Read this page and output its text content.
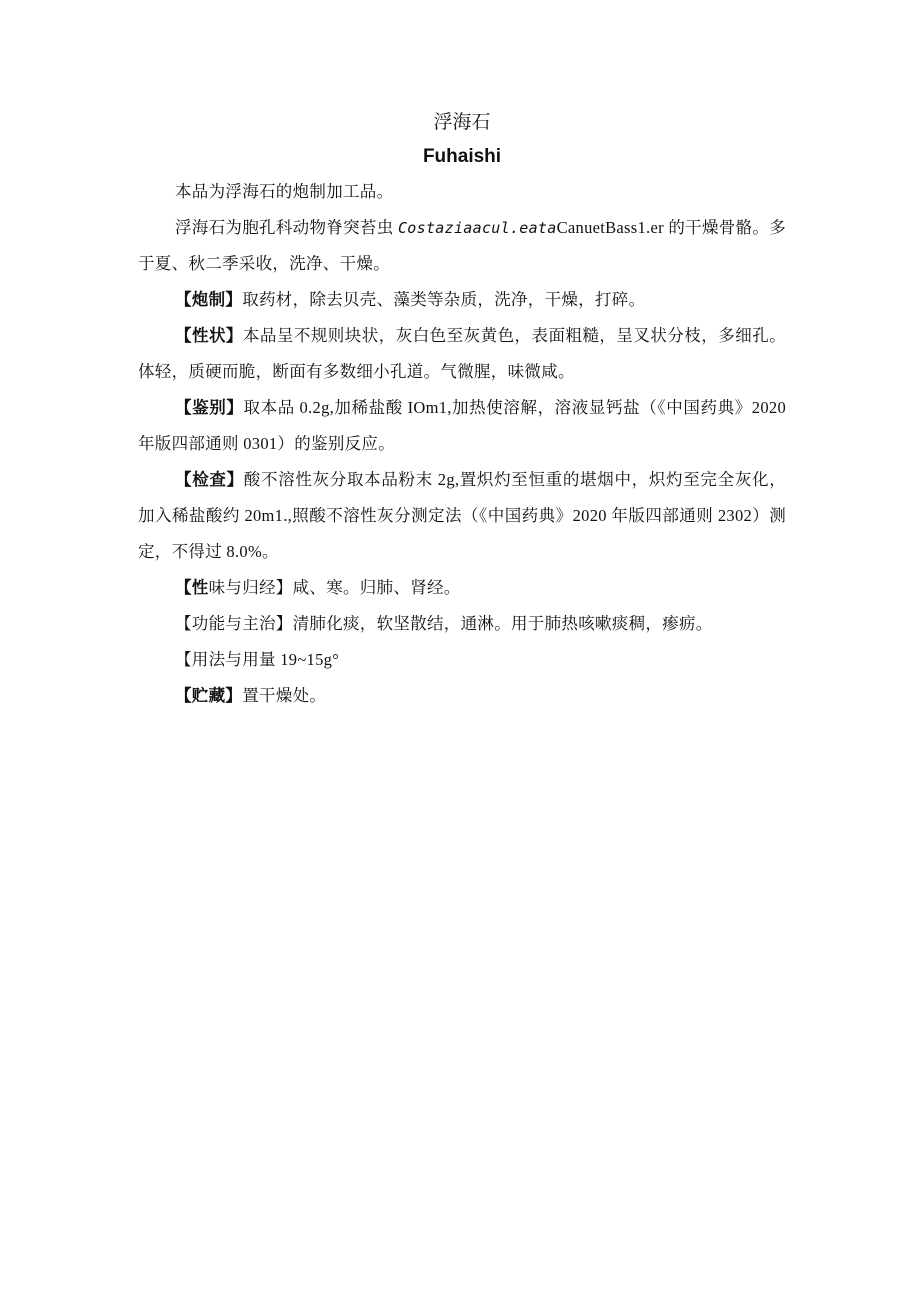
浮海石
Fuhaishi

本品为浮海石的炮制加工品。

浮海石为胞孔科动物脊突苔虫 Costaziaacul.eataCanuetBass1.er 的干燥骨骼。多于夏、秋二季采收，洗净、干燥。

【炮制】取药材，除去贝壳、藻类等杂质，洗净，干燥，打碎。

【性状】本品呈不规则块状，灰白色至灰黄色，表面粗糙，呈叉状分枝，多细孔。体轻，质硬而脆，断面有多数细小孔道。气微腥，味微咸。

【鉴别】取本品 0.2g,加稀盐酸 IOm1,加热使溶解，溶液显钙盐（《中国药典》2020 年版四部通则 0301）的鉴别反应。

【检查】酸不溶性灰分取本品粉末 2g,置炽灼至恒重的堪烟中，炽灼至完全灰化，加入稀盐酸约 20m1.,照酸不溶性灰分测定法（《中国药典》2020 年版四部通则 2302）测定，不得过 8.0%。

【性味与归经】咸、寒。归肺、肾经。

【功能与主治】清肺化痰，软坚散结，通淋。用于肺热咳嗽痰稠，瘆疬。

【用法与用量 19~15g°

【贮藏】置干燥处。
